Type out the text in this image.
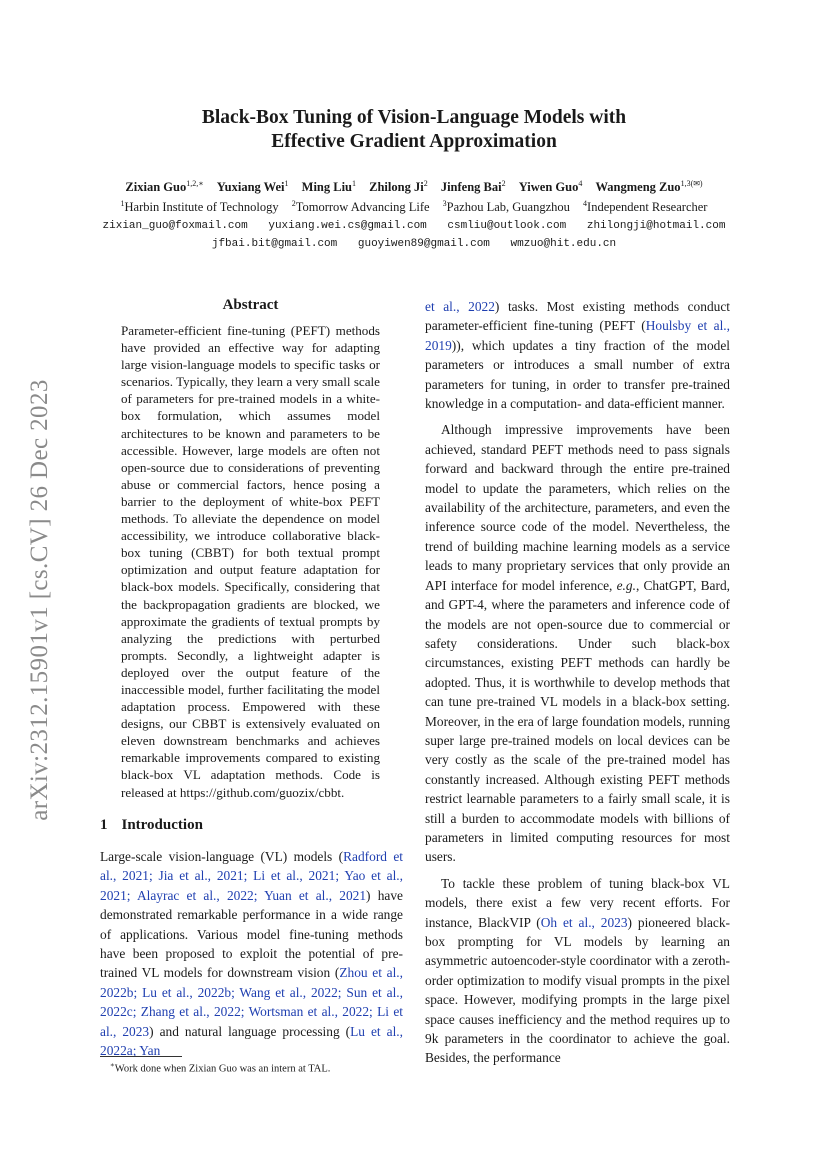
arXiv:2312.15901v1 [cs.CV] 26 Dec 2023
Black-Box Tuning of Vision-Language Models with
Effective Gradient Approximation
Zixian Guo$^{1,2,∗}$ Yuxiang Wei$^1$ Ming Liu$^1$ Zhilong Ji$^2$ Jinfeng Bai$^2$ Yiwen Guo$^4$ Wangmeng Zuo$^{1,3(✉)}$
$^1$Harbin Institute of Technology $^2$Tomorrow Advancing Life $^3$Pazhou Lab, Guangzhou $^4$Independent Researcher
zixian_guo@foxmail.com yuxiang.wei.cs@gmail.com csmliu@outlook.com zhilongji@hotmail.com
jfbai.bit@gmail.com guoyiwen89@gmail.com wmzuo@hit.edu.cn
Abstract

Parameter-efficient fine-tuning (PEFT) methods have provided an effective way for adapting large vision-language models to specific tasks or scenarios. Typically, they learn a very small scale of parameters for pre-trained models in a white-box formulation, which assumes model architectures to be known and parameters to be accessible. However, large models are often not open-source due to considerations of preventing abuse or commercial factors, hence posing a barrier to the deployment of white-box PEFT methods. To alleviate the dependence on model accessibility, we introduce collaborative black-box tuning (CBBT) for both textual prompt optimization and output feature adaptation for black-box models. Specifically, considering that the backpropagation gradients are blocked, we approximate the gradients of textual prompts by analyzing the predictions with perturbed prompts. Secondly, a lightweight adapter is deployed over the output feature of the inaccessible model, further facilitating the model adaptation process. Empowered with these designs, our CBBT is extensively evaluated on eleven downstream benchmarks and achieves remarkable improvements compared to existing black-box VL adaptation methods. Code is released at https://github.com/guozix/cbbt.

1 Introduction

Large-scale vision-language (VL) models (Radford et al., 2021; Jia et al., 2021; Li et al., 2021; Yao et al., 2021; Alayrac et al., 2022; Yuan et al., 2021) have demonstrated remarkable performance in a wide range of applications. Various model fine-tuning methods have been proposed to exploit the potential of pre-trained VL models for downstream vision (Zhou et al., 2022b; Lu et al., 2022b; Wang et al., 2022; Sun et al., 2022c; Zhang et al., 2022; Wortsman et al., 2022; Li et al., 2023) and natural language processing (Lu et al., 2022a; Yan

∗Work done when Zixian Guo was an intern at TAL.

et al., 2022) tasks. Most existing methods conduct parameter-efficient fine-tuning (PEFT (Houlsby et al., 2019)), which updates a tiny fraction of the model parameters or introduces a small number of extra parameters for tuning, in order to transfer pre-trained knowledge in a computation- and data-efficient manner.

Although impressive improvements have been achieved, standard PEFT methods need to pass signals forward and backward through the entire pre-trained model to update the parameters, which relies on the availability of the architecture, parameters, and even the inference source code of the model. Nevertheless, the trend of building machine learning models as a service leads to many proprietary services that only provide an API interface for model inference, e.g., ChatGPT, Bard, and GPT-4, where the parameters and inference code of the models are not open-source due to commercial or safety considerations. Under such black-box circumstances, existing PEFT methods can hardly be adopted. Thus, it is worthwhile to develop methods that can tune pre-trained VL models in a black-box setting. Moreover, in the era of large foundation models, running super large pre-trained models on local devices can be very costly as the scale of the pre-trained model has constantly increased. Although existing PEFT methods restrict learnable parameters to a fairly small scale, it is still a burden to accommodate models with billions of parameters in limited computing resources for most users.

To tackle these problem of tuning black-box VL models, there exist a few very recent efforts. For instance, BlackVIP (Oh et al., 2023) pioneered black-box prompting for VL models by learning an asymmetric autoencoder-style coordinator with a zeroth-order optimization to modify visual prompts in the pixel space. However, modifying prompts in the large pixel space causes inefficiency and the method requires up to 9k parameters in the coordinator to achieve the goal. Besides, the performance
